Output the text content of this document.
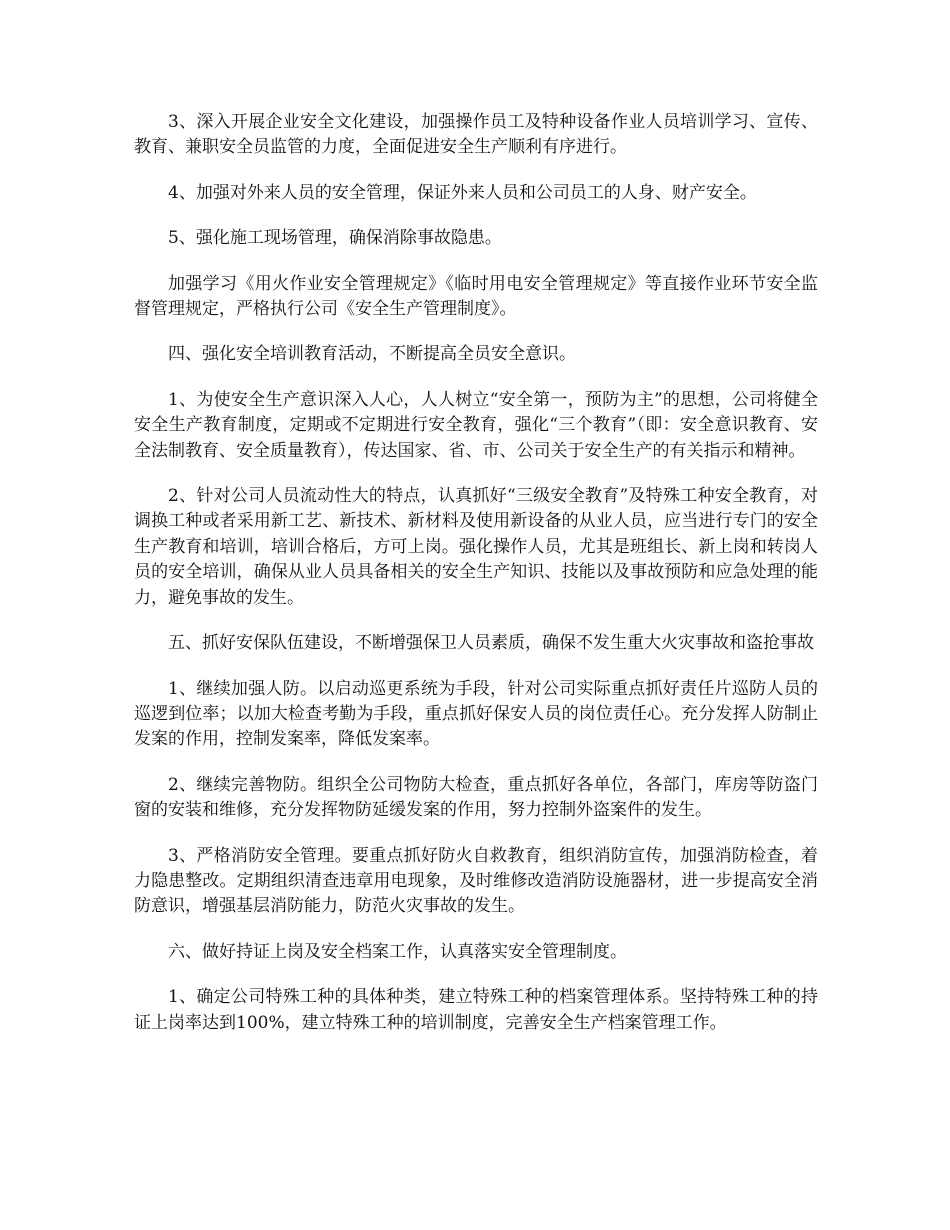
3、深入开展企业安全文化建设，加强操作员工及特种设备作业人员培训学习、宣传、教育、兼职安全员监管的力度，全面促进安全生产顺利有序进行。

4、加强对外来人员的安全管理，保证外来人员和公司员工的人身、财产安全。

5、强化施工现场管理，确保消除事故隐患。

加强学习《用火作业安全管理规定》《临时用电安全管理规定》等直接作业环节安全监督管理规定，严格执行公司《安全生产管理制度》。

四、强化安全培训教育活动，不断提高全员安全意识。

1、为使安全生产意识深入人心，人人树立“安全第一，预防为主”的思想，公司将健全安全生产教育制度，定期或不定期进行安全教育，强化“三个教育”（即：安全意识教育、安全法制教育、安全质量教育），传达国家、省、市、公司关于安全生产的有关指示和精神。

2、针对公司人员流动性大的特点，认真抓好“三级安全教育”及特殊工种安全教育，对调换工种或者采用新工艺、新技术、新材料及使用新设备的从业人员，应当进行专门的安全生产教育和培训，培训合格后，方可上岗。强化操作人员，尤其是班组长、新上岗和转岗人员的安全培训，确保从业人员具备相关的安全生产知识、技能以及事故预防和应急处理的能力，避免事故的发生。

五、抓好安保队伍建设，不断增强保卫人员素质，确保不发生重大火灾事故和盗抢事故

1、继续加强人防。以启动巡更系统为手段，针对公司实际重点抓好责任片巡防人员的巡逻到位率；以加大检查考勤为手段，重点抓好保安人员的岗位责任心。充分发挥人防制止发案的作用，控制发案率，降低发案率。

2、继续完善物防。组织全公司物防大检查，重点抓好各单位，各部门，库房等防盗门窗的安装和维修，充分发挥物防延缓发案的作用，努力控制外盗案件的发生。

3、严格消防安全管理。要重点抓好防火自救教育，组织消防宣传，加强消防检查，着力隐患整改。定期组织清查违章用电现象，及时维修改造消防设施器材，进一步提高安全消防意识，增强基层消防能力，防范火灾事故的发生。

六、做好持证上岗及安全档案工作，认真落实安全管理制度。

1、确定公司特殊工种的具体种类，建立特殊工种的档案管理体系。坚持特殊工种的持证上岗率达到100%，建立特殊工种的培训制度，完善安全生产档案管理工作。
